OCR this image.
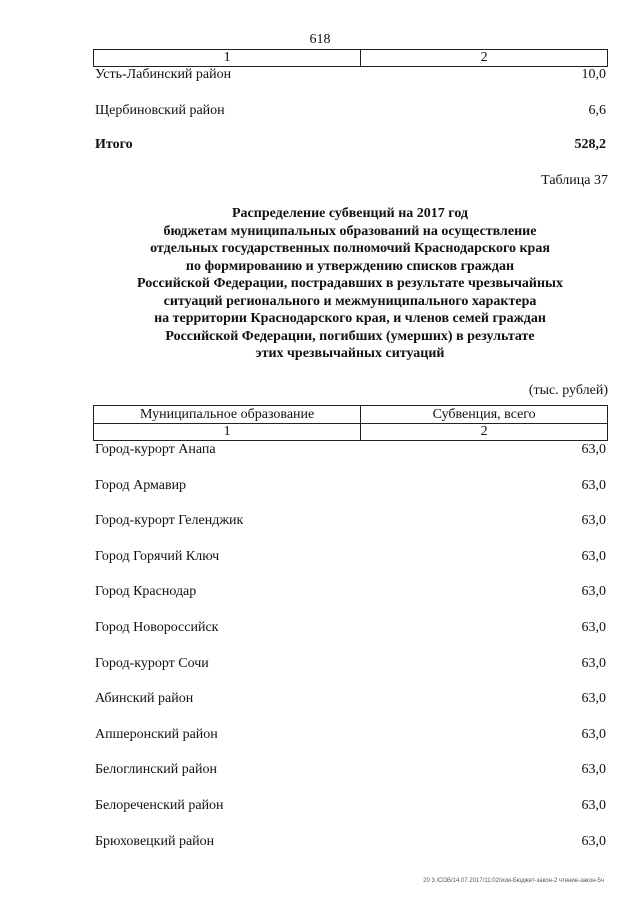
618
1	2
Усть-Лабинский район	10,0
Щербиновский район	6,6
Итого	528,2
Таблица 37
Распределение субвенций на 2017 год
бюджетам муниципальных образований на осуществление
отдельных государственных полномочий Краснодарского края
по формированию и утверждению списков граждан
Российской Федерации, пострадавших в результате чрезвычайных
ситуаций регионального и межмуниципального характера
на территории Краснодарского края, и членов семей граждан
Российской Федерации, погибших (умерших) в результате
этих чрезвычайных ситуаций
(тыс. рублей)
Муниципальное образование	Субвенция, всего
1	2
Город-курорт Анапа	63,0
Город Армавир	63,0
Город-курорт Геленджик	63,0
Город Горячий Ключ	63,0
Город Краснодар	63,0
Город Новороссийск	63,0
Город-курорт Сочи	63,0
Абинский район	63,0
Апшеронский район	63,0
Белоглинский район	63,0
Белореченский район	63,0
Брюховецкий район	63,0
20 3 /СОВ/14.07.2017/11:02/изм-Бюджет-закон-2 чтение-закон-5ч
